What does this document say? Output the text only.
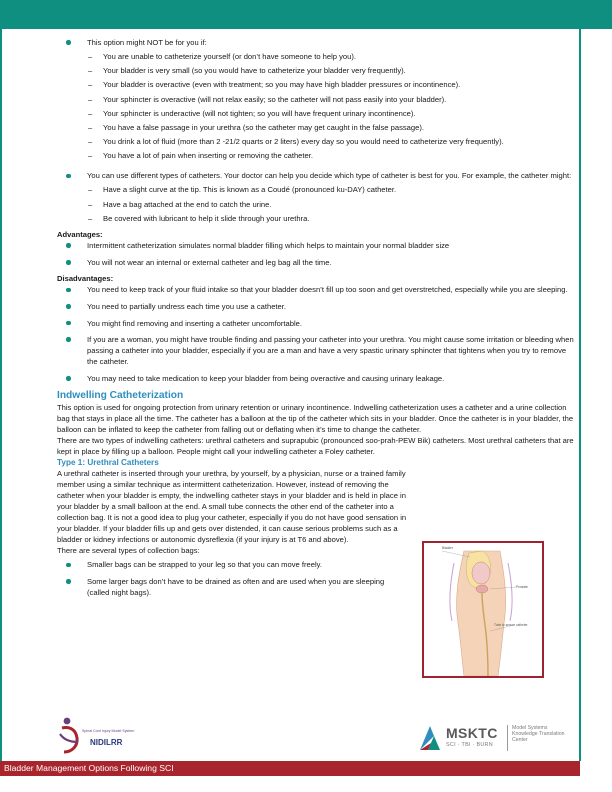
This option might NOT be for you if:
– You are unable to catheterize yourself (or don’t have someone to help you).
– Your bladder is very small (so you would have to catheterize your bladder very frequently).
– Your bladder is overactive (even with treatment; so you may have high bladder pressures or incontinence).
– Your sphincter is overactive (will not relax easily; so the catheter will not pass easily into your bladder).
– Your sphincter is underactive (will not tighten; so you will have frequent urinary incontinence).
– You have a false passage in your urethra (so the catheter may get caught in the false passage).
– You drink a lot of fluid (more than 2 -21/2 quarts or 2 liters) every day so you would need to catheterize very frequently).
– You have a lot of pain when inserting or removing the catheter.
You can use different types of catheters. Your doctor can help you decide which type of catheter is best for you. For example, the catheter might:
– Have a slight curve at the tip. This is known as a Coudé (pronounced ku-DAY) catheter.
– Have a bag attached at the end to catch the urine.
– Be covered with lubricant to help it slide through your urethra.

Advantages:

Intermittent catheterization simulates normal bladder filling which helps to maintain your normal bladder size
You will not wear an internal or external catheter and leg bag all the time.

Disadvantages:

You need to keep track of your fluid intake so that your bladder doesn’t fill up too soon and get overstretched, especially while you are sleeping.
You need to partially undress each time you use a catheter.
You might find removing and inserting a catheter uncomfortable.
If you are a woman, you might have trouble finding and passing your catheter into your urethra. You might cause some irritation or bleeding when passing a catheter into your bladder, especially if you are a man and have a very spastic urinary sphincter that tightens when you try to remove the catheter.
You may need to take medication to keep your bladder from being overactive and causing urinary leakage.

Indwelling Catheterization

This option is used for ongoing protection from urinary retention or urinary incontinence. Indwelling catheterization uses a catheter and a urine collection bag that stays in place all the time. The catheter has a balloon at the tip of the catheter which sits in your bladder. Once the catheter is in your bladder, the balloon can be inflated to keep the catheter from falling out or deflating when it’s time to change the catheter.

There are two types of indwelling catheters: urethral catheters and suprapubic (pronounced soo-prah-PEW Bik) catheters. Most urethral catheters that are kept in place by filling up a balloon. People might call your indwelling catheter a Foley catheter.

Type 1: Urethral Catheters

A urethral catheter is inserted through your urethra, by yourself, by a physician, nurse or a trained family member using a similar technique as intermittent catheterization. However, instead of removing the catheter when your bladder is empty, the indwelling catheter stays in your bladder and is held in place in your bladder by a small balloon at the end. A small tube connects the other end of the catheter into a collection bag. It is not a good idea to plug your catheter, especially if you do not have good sensation in your bladder. If your bladder fills up and gets over distended, it can cause serious problems such as a bladder or kidney infections or autonomic dysreflexia (if your injury is at T6 and above).

There are several types of collection bags:

Smaller bags can be strapped to your leg so that you can move freely.
Some larger bags don’t have to be drained as often and are used when you are sleeping (called night bags).
Bladder
Prostate
Tube to secure catheter
Spinal Cord Injury Model System
NIDILRR
MSKTC
SCI · TBI · BURN
Model Systems
Knowledge Translation
Center
Bladder Management Options Following SCI
